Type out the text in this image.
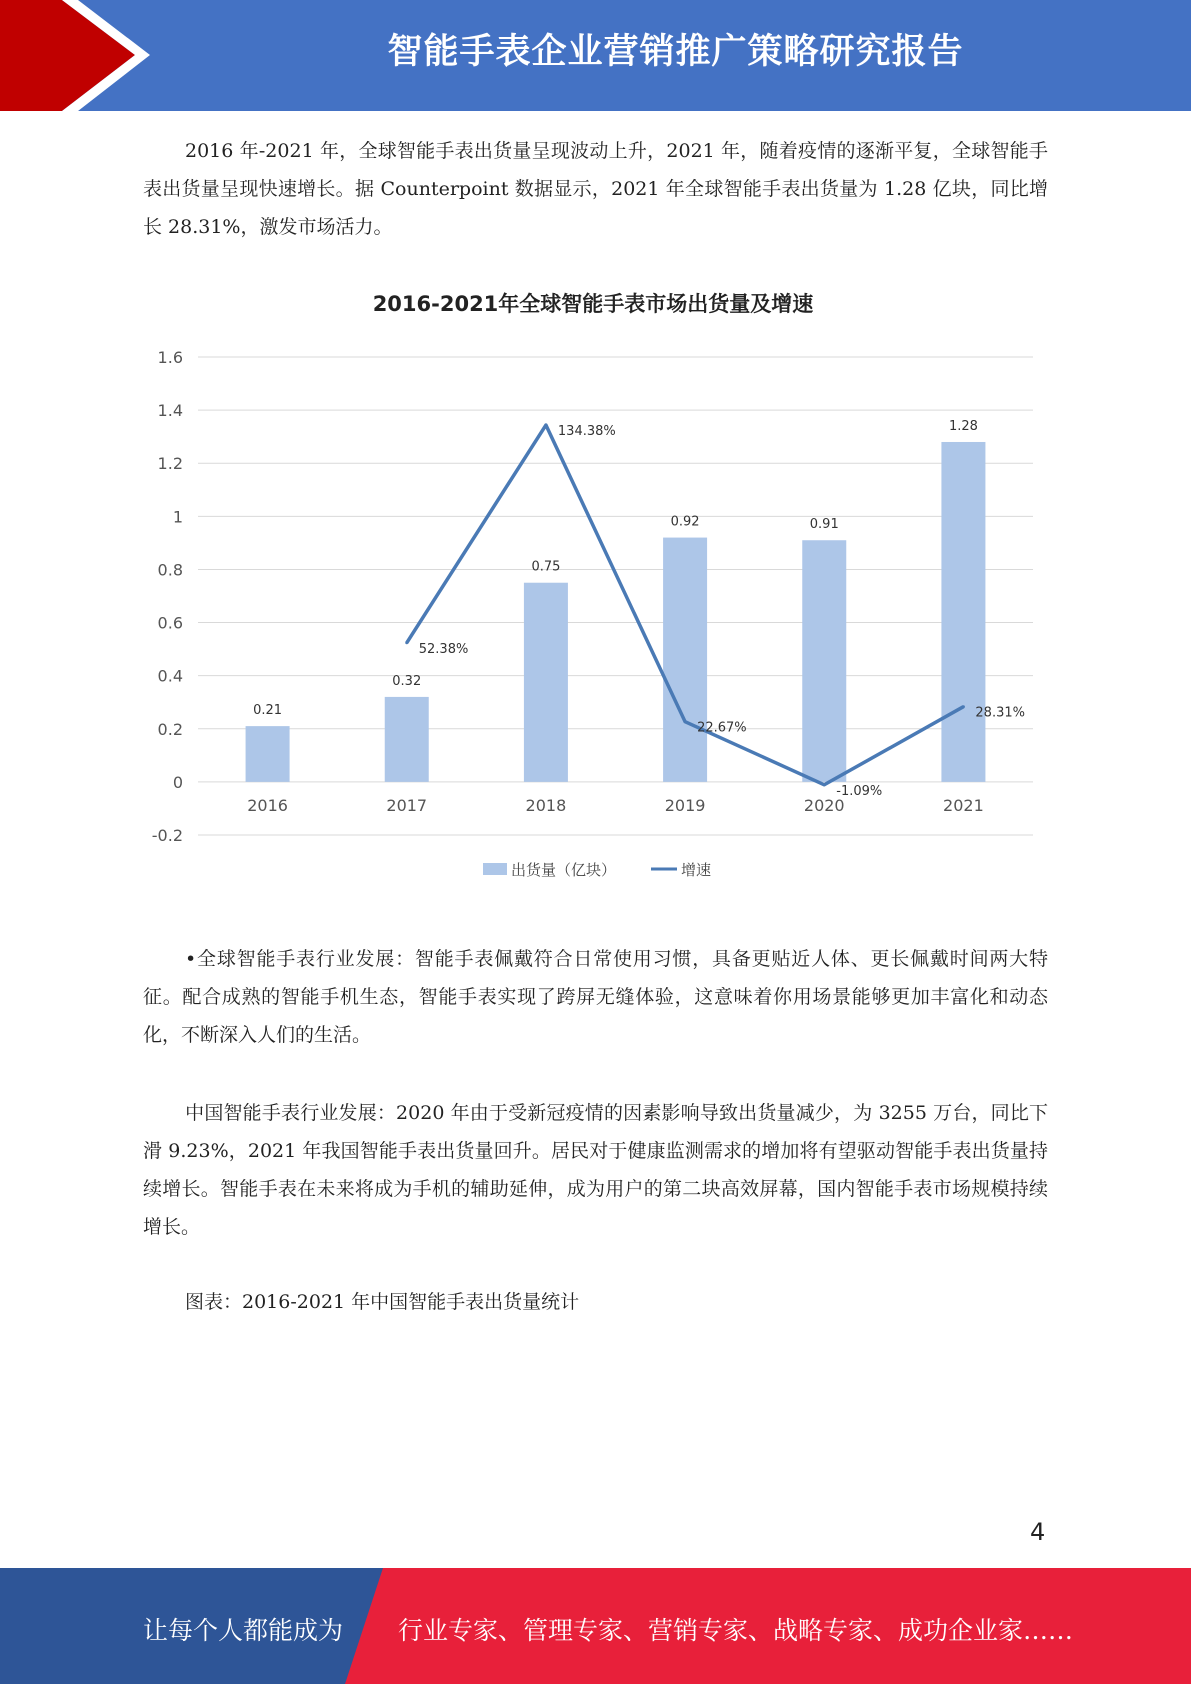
智能手表企业营销推广策略研究报告
2016 年-2021 年，全球智能手表出货量呈现波动上升，2021 年，随着疫情的逐渐平复，全球智能手表出货量呈现快速增长。据 Counterpoint 数据显示，2021 年全球智能手表出货量为 1.28 亿块，同比增长 28.31%，激发市场活力。
2016-2021年全球智能手表市场出货量及增速
1.6
1.4
1.2
1
0.8
0.6
0.4
0.2
0
-0.2
0.21
0.32
0.75
0.92	0.91
1.28
2016	2017	2018	2019	2020	2021
52.38%
134.38%
22.67%
-1.09%
28.31%
出货量（亿块）	增速
•全球智能手表行业发展：智能手表佩戴符合日常使用习惯，具备更贴近人体、更长佩戴时间两大特征。配合成熟的智能手机生态，智能手表实现了跨屏无缝体验，这意味着你用场景能够更加丰富化和动态化，不断深入人们的生活。
中国智能手表行业发展：2020 年由于受新冠疫情的因素影响导致出货量减少，为 3255 万台，同比下滑 9.23%，2021 年我国智能手表出货量回升。居民对于健康监测需求的增加将有望驱动智能手表出货量持续增长。智能手表在未来将成为手机的辅助延伸，成为用户的第二块高效屏幕，国内智能手表市场规模持续增长。
图表：2016-2021 年中国智能手表出货量统计
4
让每个人都能成为 行业专家、管理专家、营销专家、战略专家、成功企业家……
